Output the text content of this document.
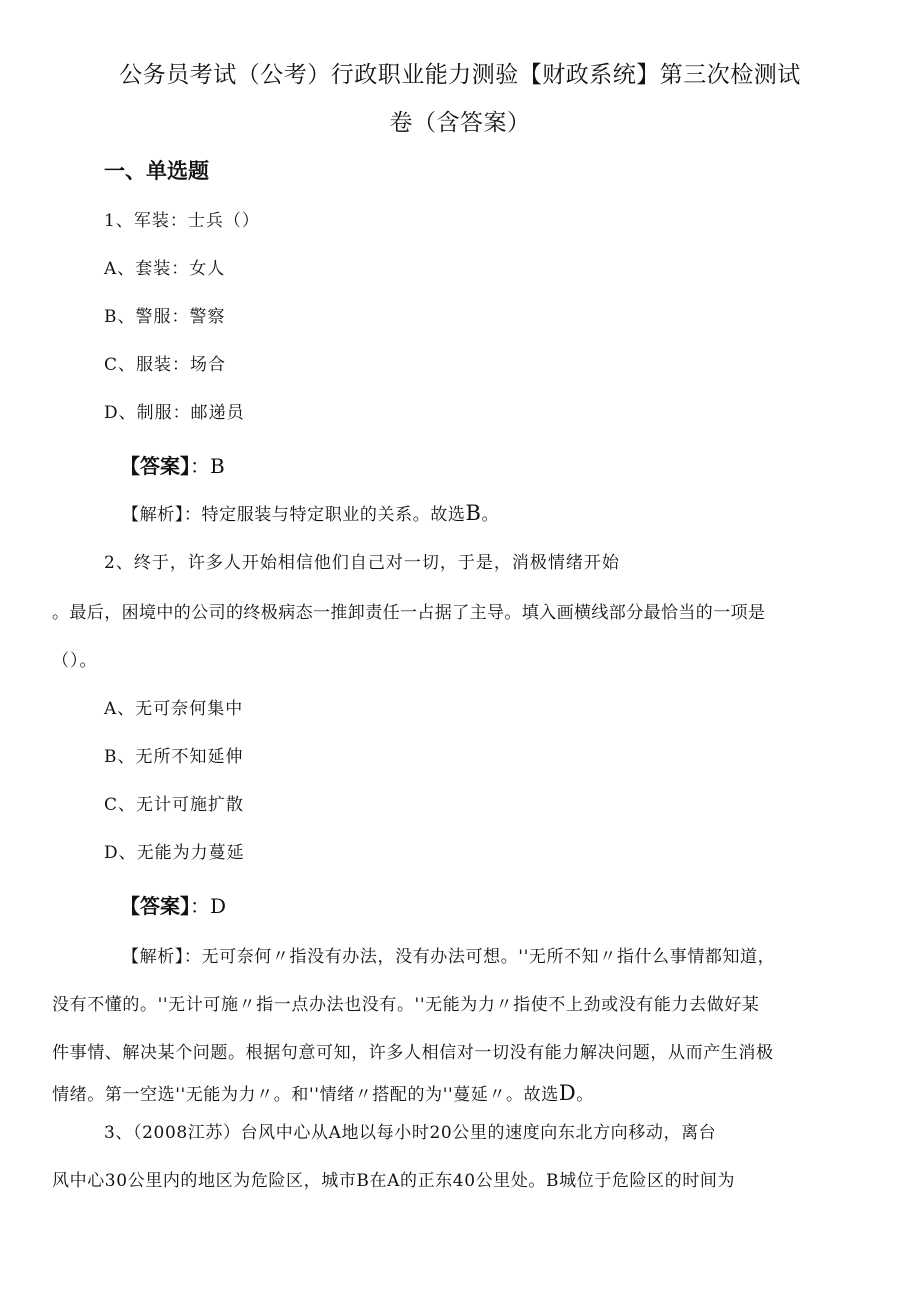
公务员考试（公考）行政职业能力测验【财政系统】第三次检测试
卷（含答案）
一、单选题
1、军装：士兵（）
A、套装：女人
B、警服：警察
C、服装：场合
D、制服：邮递员
【答案】：B
【解析】：特定服装与特定职业的关系。故选B。
2、终于，许多人开始相信他们自己对一切，于是，消极情绪开始
。最后，困境中的公司的终极病态一推卸责任一占据了主导。填入画横线部分最恰当的一项是
（）。
A、无可奈何集中
B、无所不知延伸
C、无计可施扩散
D、无能为力蔓延
【答案】：D
【解析】：无可奈何〃指没有办法，没有办法可想。''无所不知〃指什么事情都知道，
没有不懂的。''无计可施〃指一点办法也没有。''无能为力〃指使不上劲或没有能力去做好某
件事情、解决某个问题。根据句意可知，许多人相信对一切没有能力解决问题，从而产生消极
情绪。第一空选''无能为力〃。和''情绪〃搭配的为''蔓延〃。故选D。
3、（2008江苏）台风中心从A地以每小时20公里的速度向东北方向移动，离台
风中心30公里内的地区为危险区，城市B在A的正东40公里处。B城位于危险区的时间为
